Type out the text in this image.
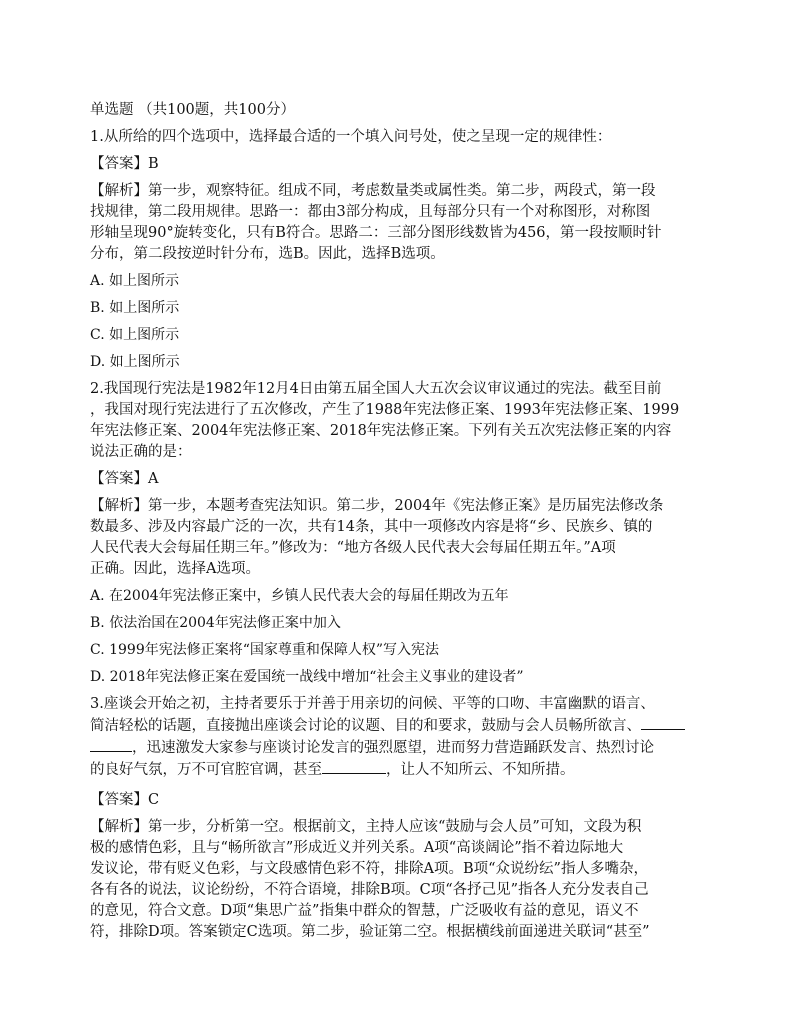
单选题 （共100题，共100分）
1.从所给的四个选项中，选择最合适的一个填入问号处，使之呈现一定的规律性：
【答案】B
【解析】第一步，观察特征。组成不同，考虑数量类或属性类。第二步，两段式，第一段
找规律，第二段用规律。思路一：都由3部分构成，且每部分只有一个对称图形，对称图
形轴呈现90°旋转变化，只有B符合。思路二：三部分图形线数皆为456，第一段按顺时针
分布，第二段按逆时针分布，选B。因此，选择B选项。
A. 如上图所示
B. 如上图所示
C. 如上图所示
D. 如上图所示
2.我国现行宪法是1982年12月4日由第五届全国人大五次会议审议通过的宪法。截至目前
，我国对现行宪法进行了五次修改，产生了1988年宪法修正案、1993年宪法修正案、1999
年宪法修正案、2004年宪法修正案、2018年宪法修正案。下列有关五次宪法修正案的内容
说法正确的是：
【答案】A
【解析】第一步，本题考查宪法知识。第二步，2004年《宪法修正案》是历届宪法修改条
数最多、涉及内容最广泛的一次，共有14条，其中一项修改内容是将“乡、民族乡、镇的
人民代表大会每届任期三年。”修改为：“地方各级人民代表大会每届任期五年。”A项
正确。因此，选择A选项。
A. 在2004年宪法修正案中，乡镇人民代表大会的每届任期改为五年
B. 依法治国在2004年宪法修正案中加入
C. 1999年宪法修正案将“国家尊重和保障人权”写入宪法
D. 2018年宪法修正案在爱国统一战线中增加“社会主义事业的建设者”
3.座谈会开始之初，主持者要乐于并善于用亲切的问候、平等的口吻、丰富幽默的语言、
简洁轻松的话题，直接抛出座谈会讨论的议题、目的和要求，鼓励与会人员畅所欲言、
，迅速激发大家参与座谈讨论发言的强烈愿望，进而努力营造踊跃发言、热烈讨论
的良好气氛，万不可官腔官调，甚至	，让人不知所云、不知所措。
【答案】C
【解析】第一步，分析第一空。根据前文，主持人应该“鼓励与会人员”可知，文段为积
极的感情色彩，且与“畅所欲言”形成近义并列关系。A项“高谈阔论”指不着边际地大
发议论，带有贬义色彩，与文段感情色彩不符，排除A项。B项“众说纷纭”指人多嘴杂，
各有各的说法，议论纷纷，不符合语境，排除B项。C项“各抒己见”指各人充分发表自己
的意见，符合文意。D项“集思广益”指集中群众的智慧，广泛吸收有益的意见，语义不
符，排除D项。答案锁定C选项。第二步，验证第二空。根据横线前面递进关联词“甚至”
